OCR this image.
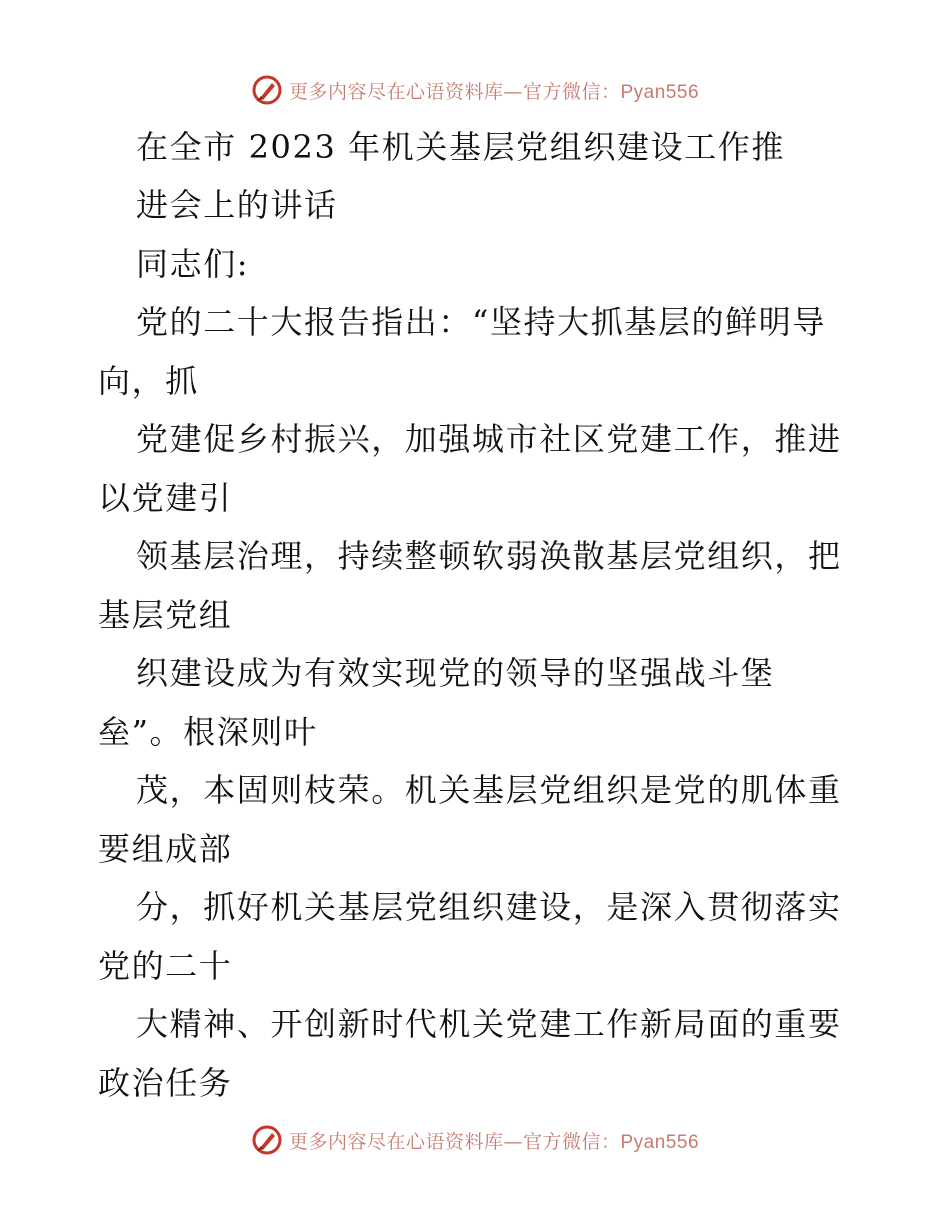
更多内容尽在心语资料库—官方微信：Pyan556
在全市 2023 年机关基层党组织建设工作推
进会上的讲话
同志们:
党的二十大报告指出：“坚持大抓基层的鲜明导
向，抓
党建促乡村振兴，加强城市社区党建工作，推进
以党建引
领基层治理，持续整顿软弱涣散基层党组织，把
基层党组
织建设成为有效实现党的领导的坚强战斗堡
垒”。根深则叶
茂，本固则枝荣。机关基层党组织是党的肌体重
要组成部
分，抓好机关基层党组织建设，是深入贯彻落实
党的二十
大精神、开创新时代机关党建工作新局面的重要
政治任务
更多内容尽在心语资料库—官方微信：Pyan556
